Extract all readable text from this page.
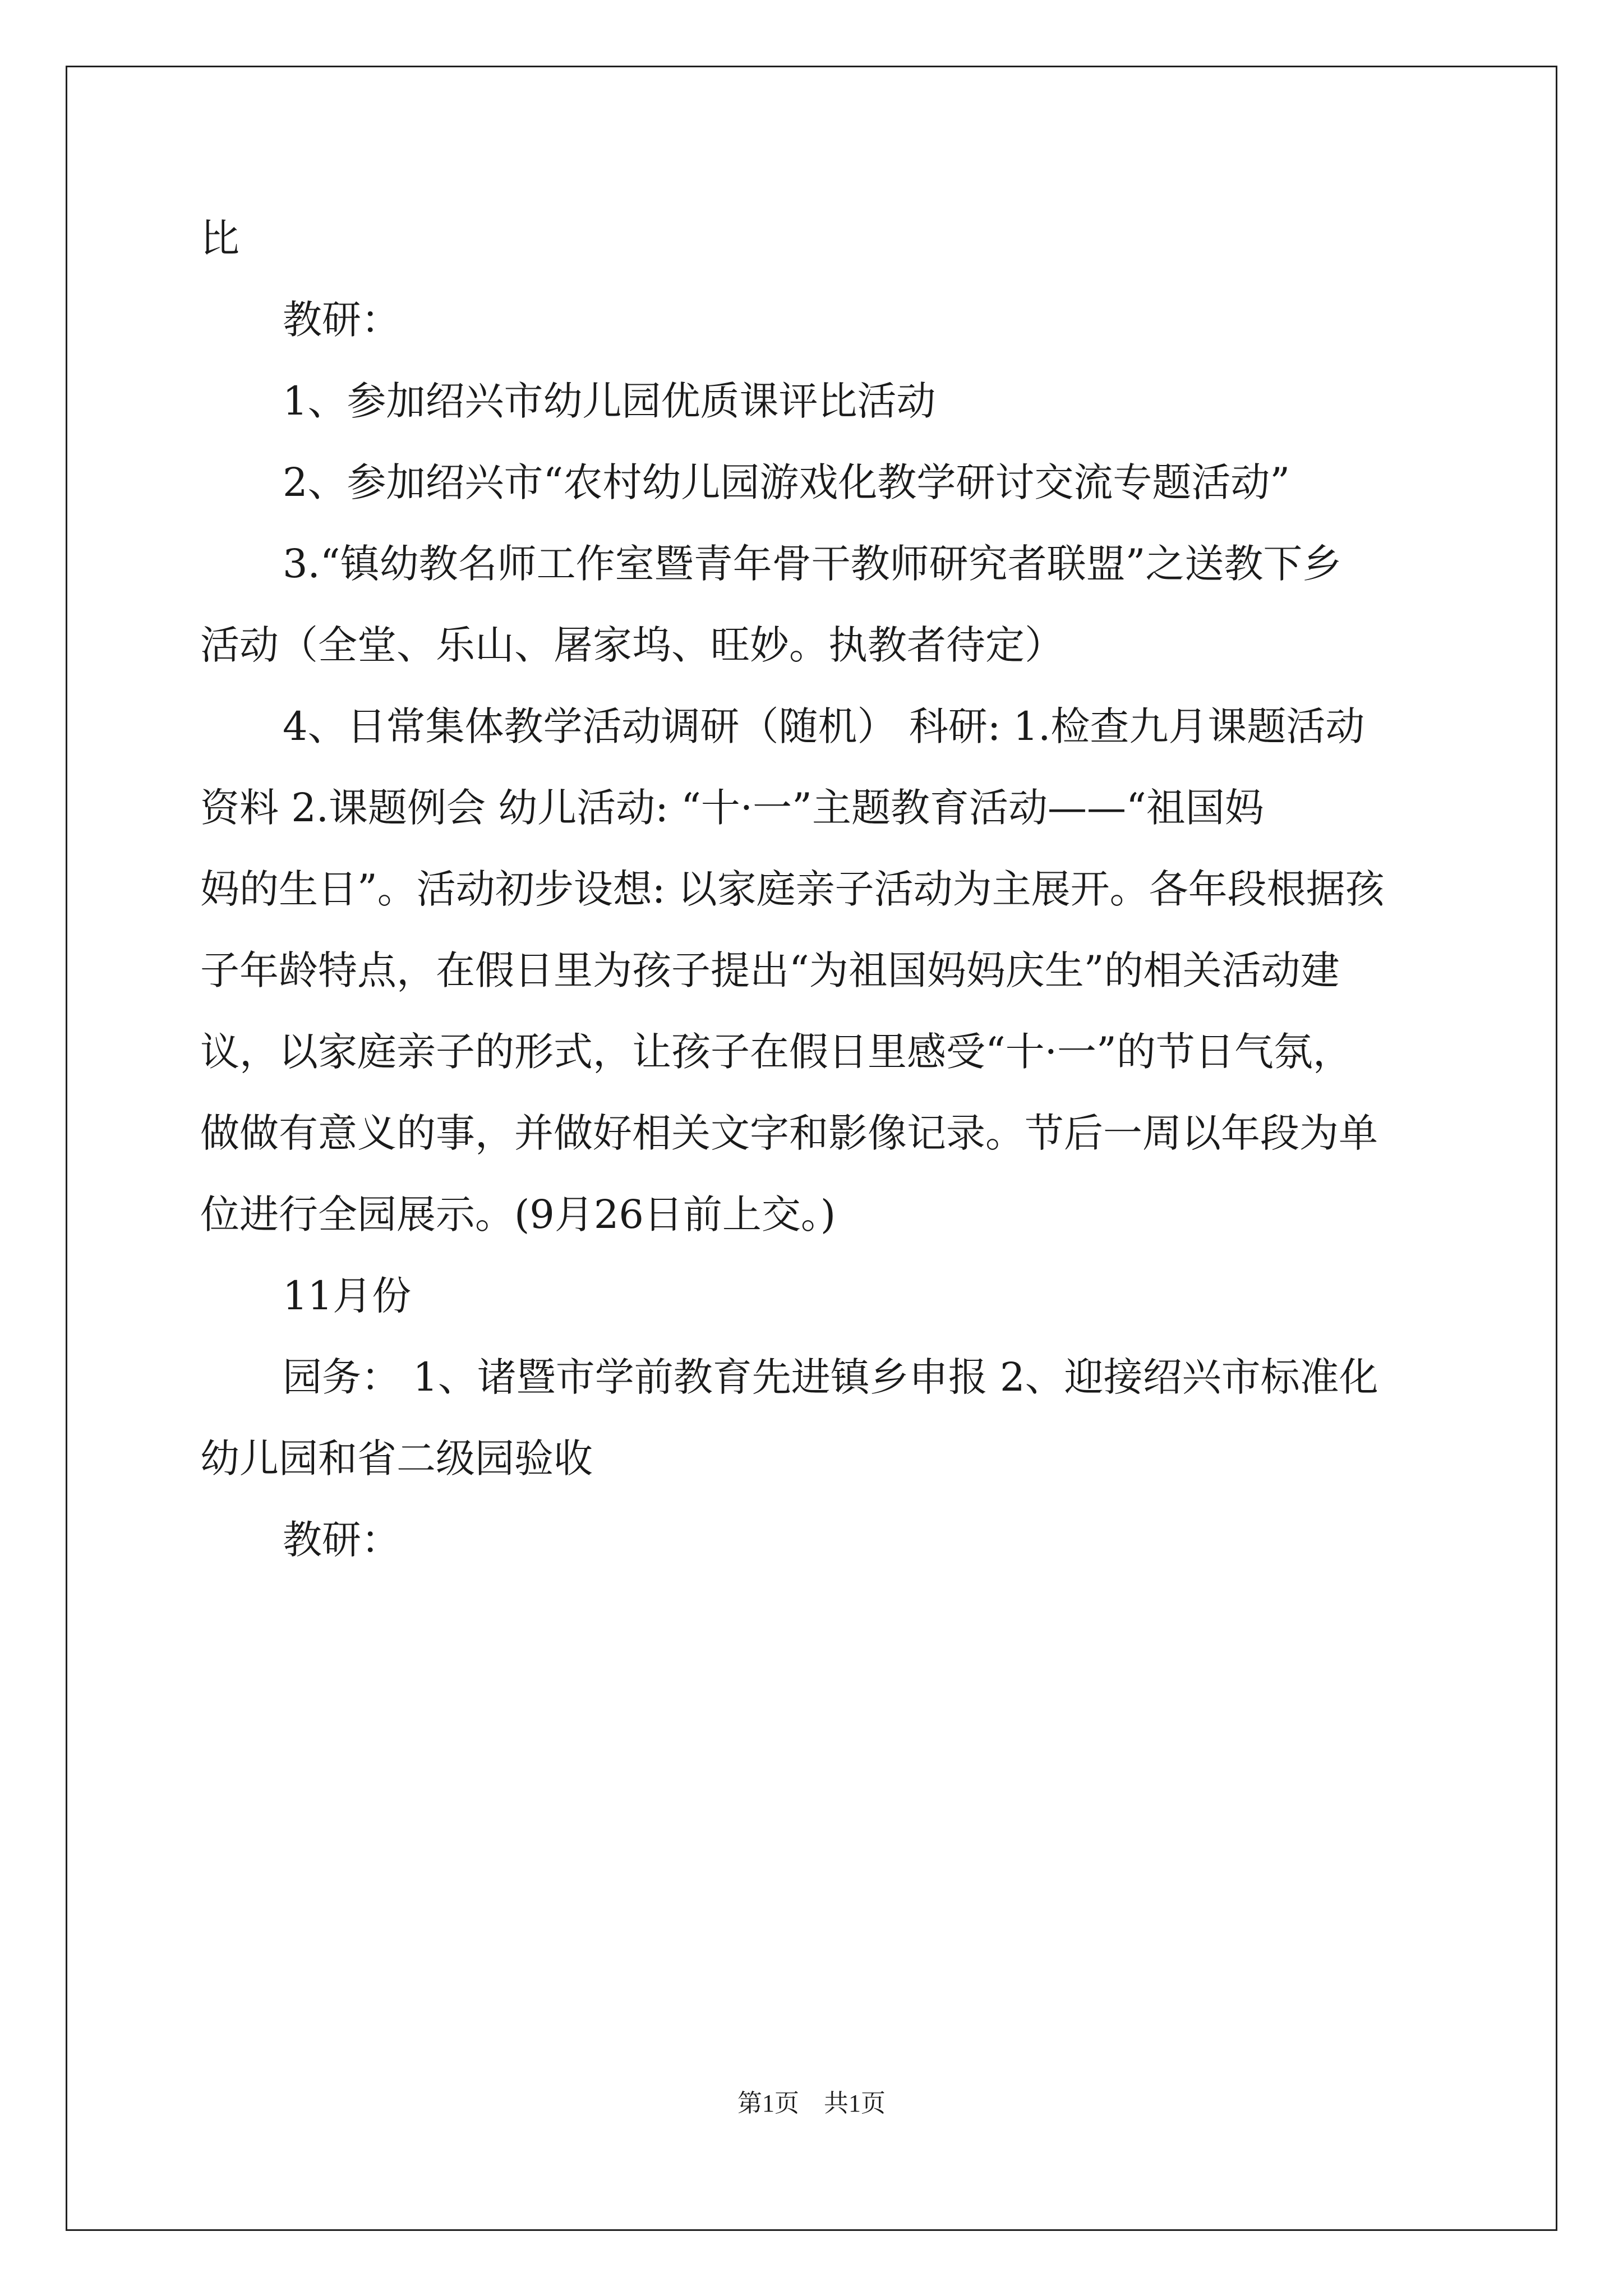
比
教研：
1、参加绍兴市幼儿园优质课评比活动
2、参加绍兴市“农村幼儿园游戏化教学研讨交流专题活动”
3.“镇幼教名师工作室暨青年骨干教师研究者联盟”之送教下乡
活动（全堂、乐山、屠家坞、旺妙。执教者待定）
4、日常集体教学活动调研（随机） 科研: 1.检查九月课题活动
资料 2.课题例会 幼儿活动: “十·一”主题教育活动——“祖国妈
妈的生日”。活动初步设想: 以家庭亲子活动为主展开。各年段根据孩
子年龄特点，在假日里为孩子提出“为祖国妈妈庆生”的相关活动建
议，以家庭亲子的形式，让孩子在假日里感受“十·一”的节日气氛，
做做有意义的事，并做好相关文字和影像记录。节后一周以年段为单
位进行全园展示。(9月26日前上交。)
11月份
园务： 1、诸暨市学前教育先进镇乡申报 2、迎接绍兴市标准化
幼儿园和省二级园验收
教研：
第1页　共1页
